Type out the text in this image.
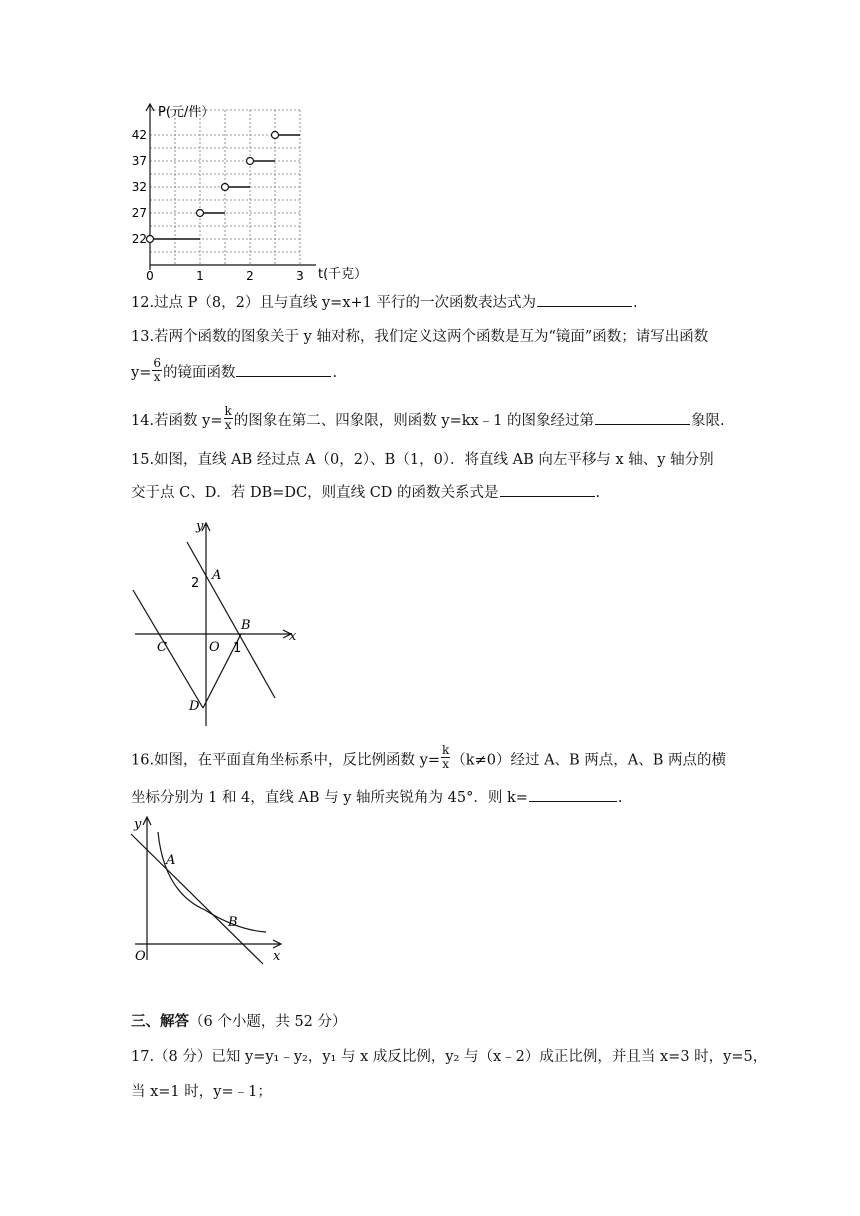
P(元/件）
t(千克）
42
37
32
27
22
0	1	2	3
12.过点 P（8，2）且与直线 y=x+1 平行的一次函数表达式为	.
13.若两个函数的图象关于 y 轴对称，我们定义这两个函数是互为“镜面”函数；请写出函数
$y= \frac{6}{x}$ 的镜面函数	.
14.若函数 $y= \frac{k}{x}$ 的图象在第二、四象限，则函数 y=kx﹣1 的图象经过第	象限.
15.如图，直线 AB 经过点 A（0，2）、B（1，0）．将直线 AB 向左平移与 x 轴、y 轴分别
交于点 C、D．若 DB=DC，则直线 CD 的函数关系式是	.
y
x
A
2
B
C	O 1
D
16.如图，在平面直角坐标系中，反比例函数 $y= \frac{k}{x} (k\ne 0)$经过 A、B 两点，A、B 两点的横
坐标分别为 1 和 4，直线 AB 与 y 轴所夹锐角为 45°．则 k=	.
y
A
B
O	x
三、解答（6 个小题，共 52 分）
17.（8 分）已知 y=y₁﹣y₂，y₁ 与 x 成反比例，y₂ 与（x﹣2）成正比例，并且当 x=3 时，y=5，
当 x=1 时，y=﹣1；
